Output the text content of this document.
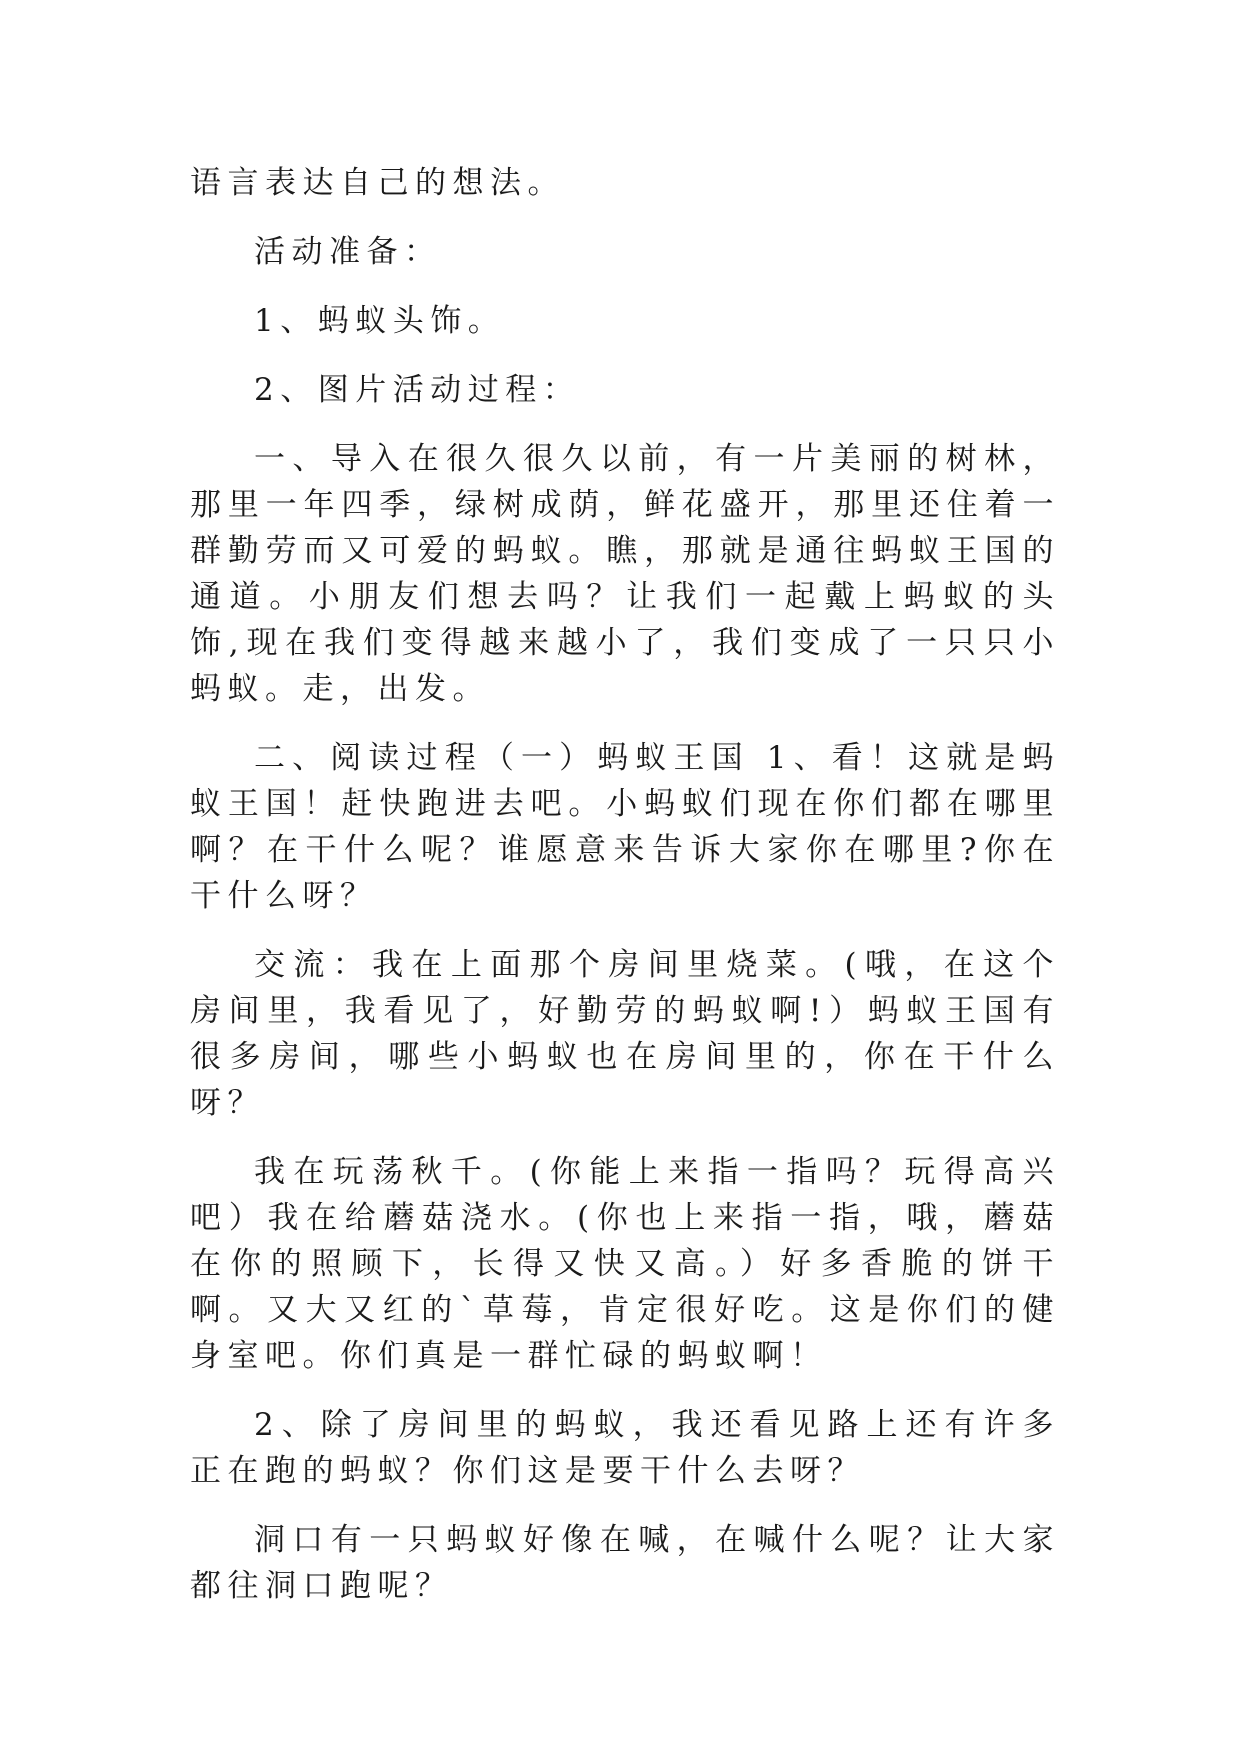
语言表达自己的想法。

活动准备：

1、蚂蚁头饰。

2、图片活动过程：

一、导入在很久很久以前，有一片美丽的树林，那里一年四季，绿树成荫，鲜花盛开，那里还住着一群勤劳而又可爱的蚂蚁。瞧，那就是通往蚂蚁王国的通道。小朋友们想去吗？让我们一起戴上蚂蚁的头饰,现在我们变得越来越小了，我们变成了一只只小蚂蚁。走，出发。

二、阅读过程（一）蚂蚁王国 1、看！这就是蚂蚁王国！赶快跑进去吧。小蚂蚁们现在你们都在哪里啊？在干什么呢？谁愿意来告诉大家你在哪里?你在干什么呀？

交流：我在上面那个房间里烧菜。(哦，在这个房间里，我看见了，好勤劳的蚂蚁啊!）蚂蚁王国有很多房间，哪些小蚂蚁也在房间里的，你在干什么呀？

我在玩荡秋千。(你能上来指一指吗？玩得高兴吧）我在给蘑菇浇水。(你也上来指一指，哦，蘑菇在你的照顾下，长得又快又高。）好多香脆的饼干啊。又大又红的`草莓，肯定很好吃。这是你们的健身室吧。你们真是一群忙碌的蚂蚁啊！

2、除了房间里的蚂蚁，我还看见路上还有许多正在跑的蚂蚁？你们这是要干什么去呀？

洞口有一只蚂蚁好像在喊，在喊什么呢？让大家都往洞口跑呢？
